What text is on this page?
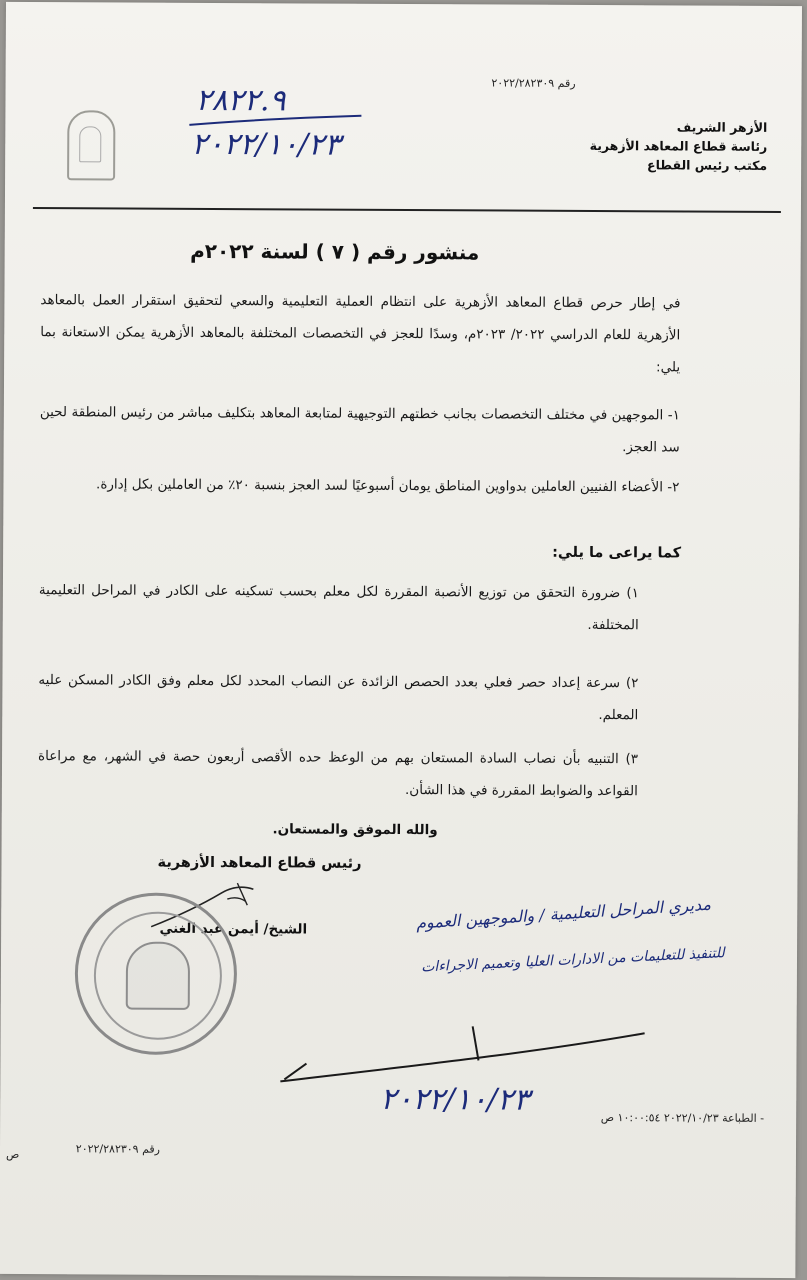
رقم ٢٠٢٢/٢٨٢٣٠٩
الأزهر الشريف
رئاسة قطاع المعاهد الأزهرية
مكتب رئيس القطاع
٢٨٢٢.٩
٢٠٢٢/١٠/٢٣
منشور رقم ( ٧ ) لسنة ٢٠٢٢م
في إطار حرص قطاع المعاهد الأزهرية على انتظام العملية التعليمية والسعي لتحقيق استقرار العمل بالمعاهد الأزهرية للعام الدراسي ٢٠٢٢/ ٢٠٢٣م، وسدًا للعجز في التخصصات المختلفة بالمعاهد الأزهرية يمكن الاستعانة بما يلي:
١- الموجهين في مختلف التخصصات بجانب خطتهم التوجيهية لمتابعة المعاهد بتكليف مباشر من رئيس المنطقة لحين سد العجز.
٢- الأعضاء الفنيين العاملين بدواوين المناطق يومان أسبوعيًا لسد العجز بنسبة ٢٠٪ من العاملين بكل إدارة.
كما يراعى ما يلي:
١) ضرورة التحقق من توزيع الأنصبة المقررة لكل معلم بحسب تسكينه على الكادر في المراحل التعليمية المختلفة.
٢) سرعة إعداد حصر فعلي بعدد الحصص الزائدة عن النصاب المحدد لكل معلم وفق الكادر المسكن عليه المعلم.
٣) التنبيه بأن نصاب السادة المستعان بهم من الوعظ حده الأقصى أربعون حصة في الشهر، مع مراعاة القواعد والضوابط المقررة في هذا الشأن.
والله الموفق والمستعان.
رئيس قطاع المعاهد الأزهرية
الشيخ/ أيمن عبد الغني	مديري المراحل التعليمية / والموجهين العموم
للتنفيذ للتعليمات من الادارات العليا وتعميم الاجراءات
٢٠٢٢/١٠/٢٣	- الطباعة ٢٠٢٢/١٠/٢٣ ١٠:٠٠:٥٤ ص
رقم ٢٠٢٢/٢٨٢٣٠٩
ص
